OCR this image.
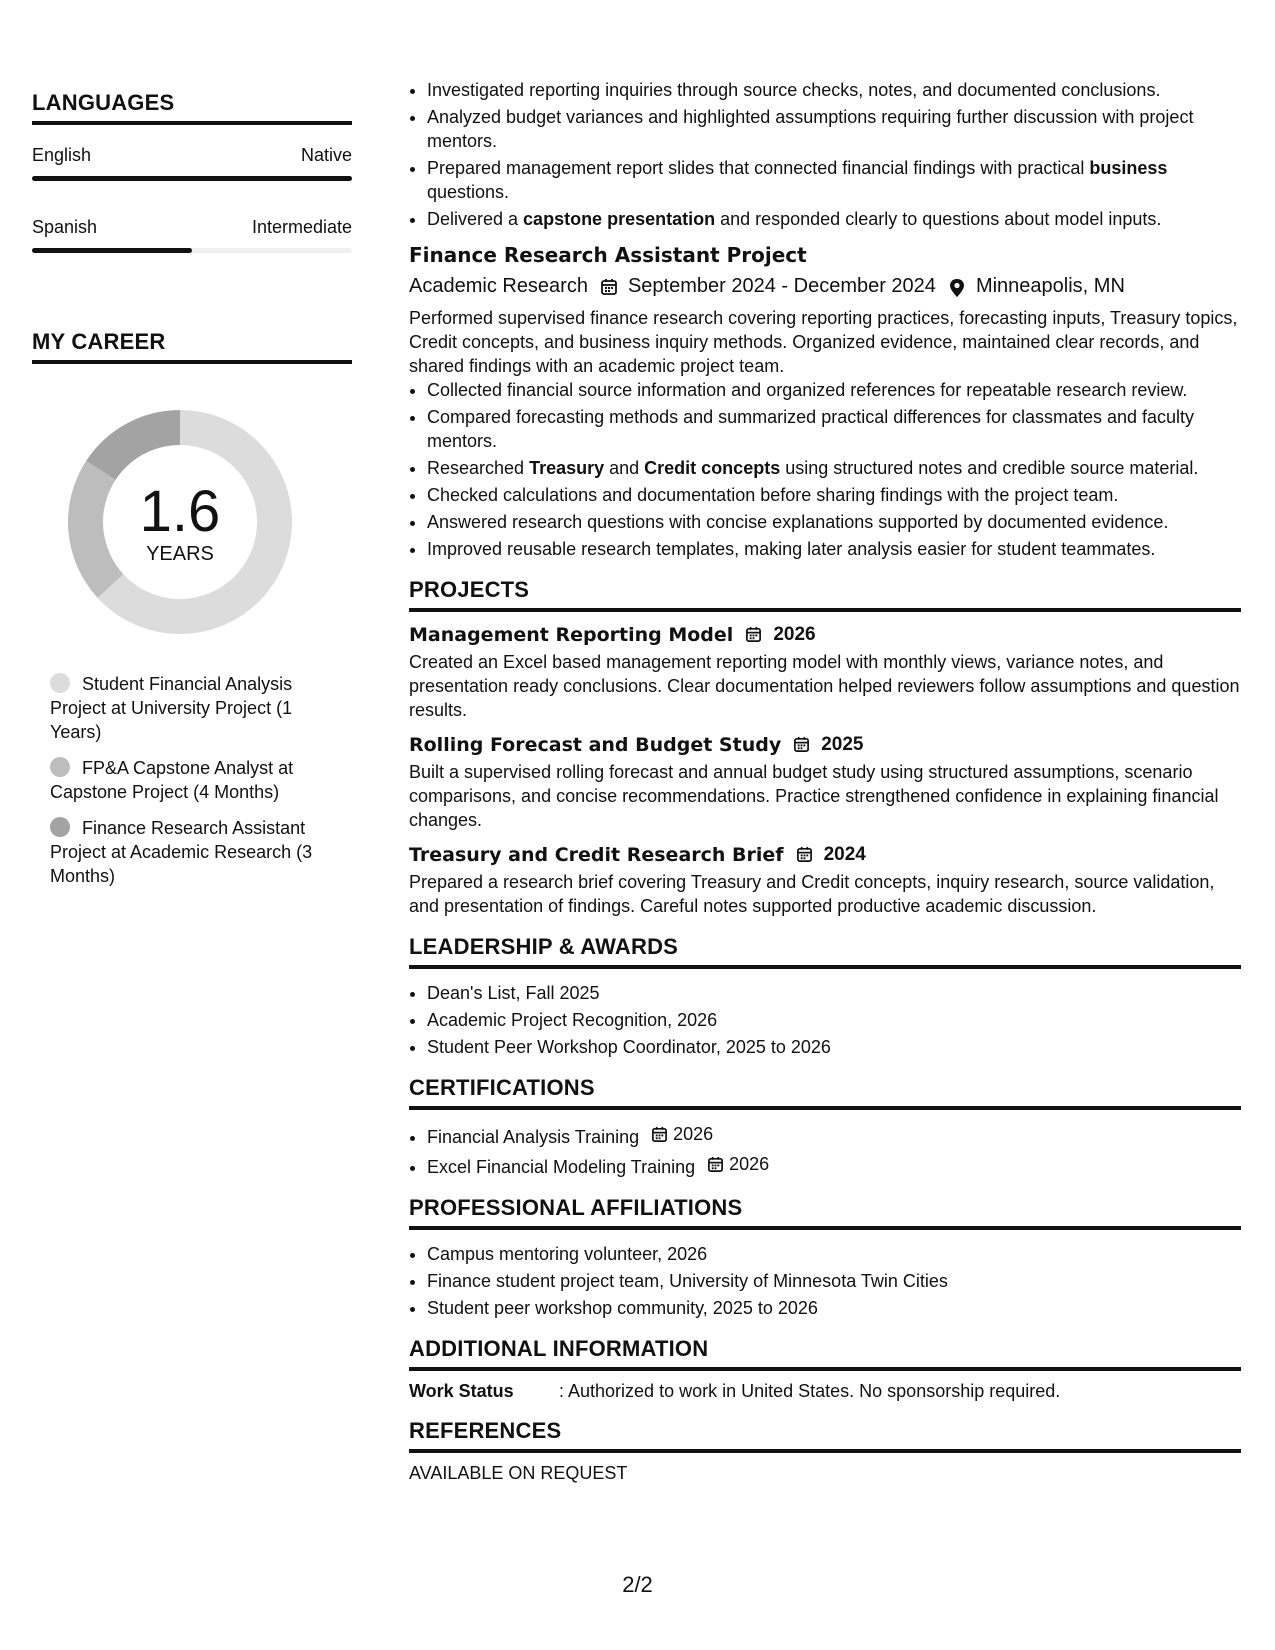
LANGUAGES
English	Native
Spanish	Intermediate
MY CAREER
1.6
YEARS
Student Financial Analysis Project at University Project (1 Years)
FP&A Capstone Analyst at Capstone Project (4 Months)
Finance Research Assistant Project at Academic Research (3 Months)
• Investigated reporting inquiries through source checks, notes, and documented conclusions.
• Analyzed budget variances and highlighted assumptions requiring further discussion with project mentors.
• Prepared management report slides that connected financial findings with practical business questions.
• Delivered a capstone presentation and responded clearly to questions about model inputs.
Finance Research Assistant Project
Academic Research September 2024 - December 2024 Minneapolis, MN
Performed supervised finance research covering reporting practices, forecasting inputs, Treasury topics, Credit concepts, and business inquiry methods. Organized evidence, maintained clear records, and shared findings with an academic project team.
• Collected financial source information and organized references for repeatable research review.
• Compared forecasting methods and summarized practical differences for classmates and faculty mentors.
• Researched Treasury and Credit concepts using structured notes and credible source material.
• Checked calculations and documentation before sharing findings with the project team.
• Answered research questions with concise explanations supported by documented evidence.
• Improved reusable research templates, making later analysis easier for student teammates.
PROJECTS
Management Reporting Model 2026
Created an Excel based management reporting model with monthly views, variance notes, and presentation ready conclusions. Clear documentation helped reviewers follow assumptions and question results.
Rolling Forecast and Budget Study 2025
Built a supervised rolling forecast and annual budget study using structured assumptions, scenario comparisons, and concise recommendations. Practice strengthened confidence in explaining financial changes.
Treasury and Credit Research Brief 2024
Prepared a research brief covering Treasury and Credit concepts, inquiry research, source validation, and presentation of findings. Careful notes supported productive academic discussion.
LEADERSHIP & AWARDS
• Dean's List, Fall 2025
• Academic Project Recognition, 2026
• Student Peer Workshop Coordinator, 2025 to 2026
CERTIFICATIONS
• Financial Analysis Training 2026
• Excel Financial Modeling Training 2026
PROFESSIONAL AFFILIATIONS
• Campus mentoring volunteer, 2026
• Finance student project team, University of Minnesota Twin Cities
• Student peer workshop community, 2025 to 2026
ADDITIONAL INFORMATION
Work Status	: Authorized to work in United States. No sponsorship required.
REFERENCES
AVAILABLE ON REQUEST
2/2
